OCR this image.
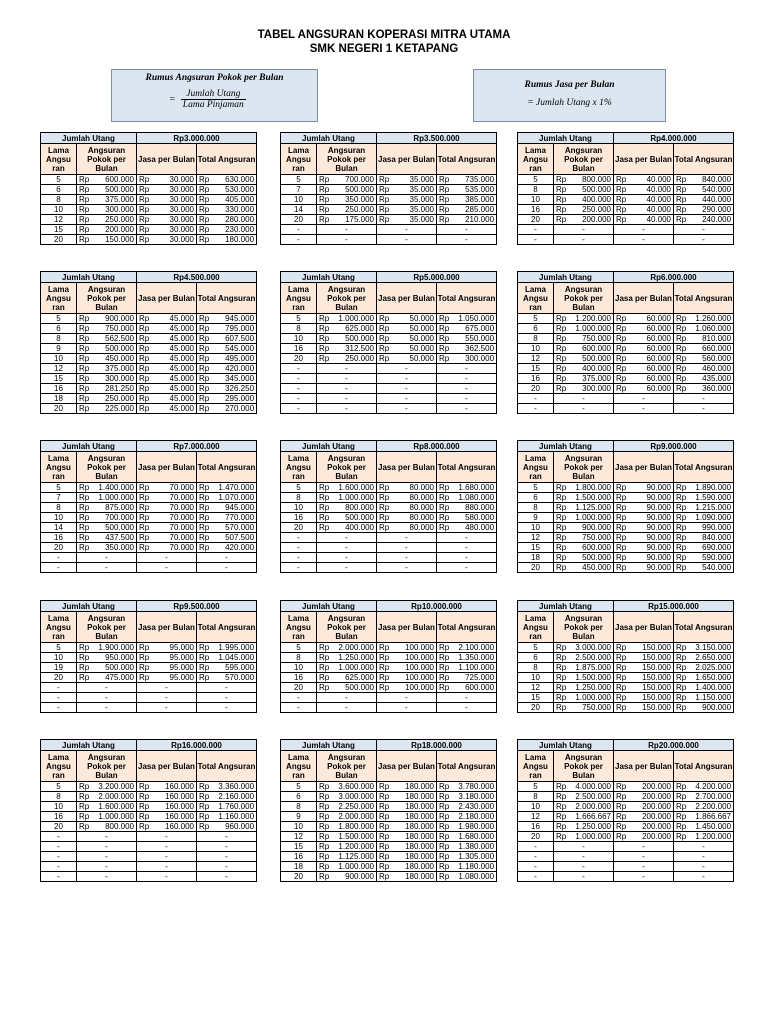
TABEL ANGSURAN KOPERASI MITRA UTAMA
SMK NEGERI 1 KETAPANG
Rumus Angsuran Pokok per Bulan
= $\frac{\text{Jumlah Utang}}{\text{Lama Pinjaman}}$
Rumus Jasa per Bulan
= Jumlah Utang x 1%
Jumlah Utang		Rp3.000.000	
Lama Angsu ran	Angsuran Pokok per Bulan	Jasa per Bulan	Total Angsuran
5	Rp 600.000	Rp 30.000	Rp 630.000

6	Rp 500.000	Rp 30.000	Rp 530.000

8	Rp 375.000	Rp 30.000	Rp 405.000

10	Rp 300.000	Rp 30.000	Rp 330.000

12	Rp 250.000	Rp 30.000	Rp 280.000

15	Rp 200.000	Rp 30.000	Rp 230.000

20	Rp 150.000	Rp 30.000	Rp 180.000
Jumlah Utang		Rp3.500.000	
Lama Angsu ran	Angsuran Pokok per Bulan	Jasa per Bulan	Total Angsuran
5	Rp 700.000	Rp 35.000	Rp 735.000

7	Rp 500.000	Rp 35.000	Rp 535.000

10	Rp 350.000	Rp 35.000	Rp 385.000

14	Rp 250.000	Rp 35.000	Rp 285.000

20	Rp 175.000	Rp 35.000	Rp 210.000

-	-	-	-
-	-	-	-
Jumlah Utang		Rp4.000.000	
Lama Angsu ran	Angsuran Pokok per Bulan	Jasa per Bulan	Total Angsuran
5	Rp 800.000	Rp 40.000	Rp 840.000

8	Rp 500.000	Rp 40.000	Rp 540.000

10	Rp 400.000	Rp 40.000	Rp 440.000

16	Rp 250.000	Rp 40.000	Rp 290.000

20	Rp 200.000	Rp 40.000	Rp 240.000

-	-	-	-
-	-	-	-
Jumlah Utang		Rp4.500.000	
Lama Angsu ran	Angsuran Pokok per Bulan	Jasa per Bulan	Total Angsuran
5	Rp 900.000	Rp 45.000	Rp 945.000

6	Rp 750.000	Rp 45.000	Rp 795.000

8	Rp 562.500	Rp 45.000	Rp 607.500

9	Rp 500.000	Rp 45.000	Rp 545.000

10	Rp 450.000	Rp 45.000	Rp 495.000

12	Rp 375.000	Rp 45.000	Rp 420.000

15	Rp 300.000	Rp 45.000	Rp 345.000

16	Rp 281.250	Rp 45.000	Rp 326.250

18	Rp 250.000	Rp 45.000	Rp 295.000

20	Rp 225.000	Rp 45.000	Rp 270.000
Jumlah Utang		Rp5.000.000	
Lama Angsu ran	Angsuran Pokok per Bulan	Jasa per Bulan	Total Angsuran
5	Rp 1.000.000	Rp 50.000	Rp 1.050.000

8	Rp 625.000	Rp 50.000	Rp 675.000

10	Rp 500.000	Rp 50.000	Rp 550.000

16	Rp 312.500	Rp 50.000	Rp 362.500

20	Rp 250.000	Rp 50.000	Rp 300.000

-	-	-	-
-	-	-	-
-	-	-	-
-	-	-	-
-	-	-	-
Jumlah Utang		Rp6.000.000	
Lama Angsu ran	Angsuran Pokok per Bulan	Jasa per Bulan	Total Angsuran
5	Rp 1.200.000	Rp 60.000	Rp 1.260.000

6	Rp 1.000.000	Rp 60.000	Rp 1.060.000

8	Rp 750.000	Rp 60.000	Rp 810.000

10	Rp 600.000	Rp 60.000	Rp 660.000

12	Rp 500.000	Rp 60.000	Rp 560.000

15	Rp 400.000	Rp 60.000	Rp 460.000

16	Rp 375.000	Rp 60.000	Rp 435.000

20	Rp 300.000	Rp 60.000	Rp 360.000

-	-	-	-
-	-	-	-
Jumlah Utang		Rp7.000.000	
Lama Angsu ran	Angsuran Pokok per Bulan	Jasa per Bulan	Total Angsuran
5	Rp 1.400.000	Rp 70.000	Rp 1.470.000

7	Rp 1.000.000	Rp 70.000	Rp 1.070.000

8	Rp 875.000	Rp 70.000	Rp 945.000

10	Rp 700.000	Rp 70.000	Rp 770.000

14	Rp 500.000	Rp 70.000	Rp 570.000

16	Rp 437.500	Rp 70.000	Rp 507.500

20	Rp 350.000	Rp 70.000	Rp 420.000

-	-	-	-
-	-	-	-
Jumlah Utang		Rp8.000.000	
Lama Angsu ran	Angsuran Pokok per Bulan	Jasa per Bulan	Total Angsuran
5	Rp 1.600.000	Rp 80.000	Rp 1.680.000

8	Rp 1.000.000	Rp 80.000	Rp 1.080.000

10	Rp 800.000	Rp 80.000	Rp 880.000

16	Rp 500.000	Rp 80.000	Rp 580.000

20	Rp 400.000	Rp 80.000	Rp 480.000

-	-	-	-
-	-	-	-
-	-	-	-
-	-	-	-
Jumlah Utang		Rp9.000.000	
Lama Angsu ran	Angsuran Pokok per Bulan	Jasa per Bulan	Total Angsuran
5	Rp 1.800.000	Rp 90.000	Rp 1.890.000

6	Rp 1.500.000	Rp 90.000	Rp 1.590.000

8	Rp 1.125.000	Rp 90.000	Rp 1.215.000

9	Rp 1.000.000	Rp 90.000	Rp 1.090.000

10	Rp 900.000	Rp 90.000	Rp 990.000

12	Rp 750.000	Rp 90.000	Rp 840.000

15	Rp 600.000	Rp 90.000	Rp 690.000

18	Rp 500.000	Rp 90.000	Rp 590.000

20	Rp 450.000	Rp 90.000	Rp 540.000
Jumlah Utang		Rp9.500.000	
Lama Angsu ran	Angsuran Pokok per Bulan	Jasa per Bulan	Total Angsuran
5	Rp 1.900.000	Rp 95.000	Rp 1.995.000

10	Rp 950.000	Rp 95.000	Rp 1.045.000

19	Rp 500.000	Rp 95.000	Rp 595.000

20	Rp 475.000	Rp 95.000	Rp 570.000

-	-	-	-
-	-	-	-
-	-	-	-
Jumlah Utang		Rp10.000.000	
Lama Angsu ran	Angsuran Pokok per Bulan	Jasa per Bulan	Total Angsuran
5	Rp 2.000.000	Rp 100.000	Rp 2.100.000

8	Rp 1.250.000	Rp 100.000	Rp 1.350.000

10	Rp 1.000.000	Rp 100.000	Rp 1.100.000

16	Rp 625.000	Rp 100.000	Rp 725.000

20	Rp 500.000	Rp 100.000	Rp 600.000

-	-	-	-
-	-	-	-
Jumlah Utang		Rp15.000.000	
Lama Angsu ran	Angsuran Pokok per Bulan	Jasa per Bulan	Total Angsuran
5	Rp 3.000.000	Rp 150.000	Rp 3.150.000

6	Rp 2.500.000	Rp 150.000	Rp 2.650.000

8	Rp 1.875.000	Rp 150.000	Rp 2.025.000

10	Rp 1.500.000	Rp 150.000	Rp 1.650.000

12	Rp 1.250.000	Rp 150.000	Rp 1.400.000

15	Rp 1.000.000	Rp 150.000	Rp 1.150.000

20	Rp 750.000	Rp 150.000	Rp 900.000
Jumlah Utang		Rp16.000.000	
Lama Angsu ran	Angsuran Pokok per Bulan	Jasa per Bulan	Total Angsuran
5	Rp 3.200.000	Rp 160.000	Rp 3.360.000

8	Rp 2.000.000	Rp 160.000	Rp 2.160.000

10	Rp 1.600.000	Rp 160.000	Rp 1.760.000

16	Rp 1.000.000	Rp 160.000	Rp 1.160.000

20	Rp 800.000	Rp 160.000	Rp 960.000

-	-	-	-
-	-	-	-
-	-	-	-
-	-	-	-
-	-	-	-
Jumlah Utang		Rp18.000.000	
Lama Angsu ran	Angsuran Pokok per Bulan	Jasa per Bulan	Total Angsuran
5	Rp 3.600.000	Rp 180.000	Rp 3.780.000

6	Rp 3.000.000	Rp 180.000	Rp 3.180.000

8	Rp 2.250.000	Rp 180.000	Rp 2.430.000

9	Rp 2.000.000	Rp 180.000	Rp 2.180.000

10	Rp 1.800.000	Rp 180.000	Rp 1.980.000

12	Rp 1.500.000	Rp 180.000	Rp 1.680.000

15	Rp 1.200.000	Rp 180.000	Rp 1.380.000

16	Rp 1.125.000	Rp 180.000	Rp 1.305.000

18	Rp 1.000.000	Rp 180.000	Rp 1.180.000

20	Rp 900.000	Rp 180.000	Rp 1.080.000
Jumlah Utang		Rp20.000.000	
Lama Angsu ran	Angsuran Pokok per Bulan	Jasa per Bulan	Total Angsuran
5	Rp 4.000.000	Rp 200.000	Rp 4.200.000

8	Rp 2.500.000	Rp 200.000	Rp 2.700.000

10	Rp 2.000.000	Rp 200.000	Rp 2.200.000

12	Rp 1.666.667	Rp 200.000	Rp 1.866.667

16	Rp 1.250.000	Rp 200.000	Rp 1.450.000

20	Rp 1.000.000	Rp 200.000	Rp 1.200.000

-	-	-	-
-	-	-	-
-	-	-	-
-	-	-	-
